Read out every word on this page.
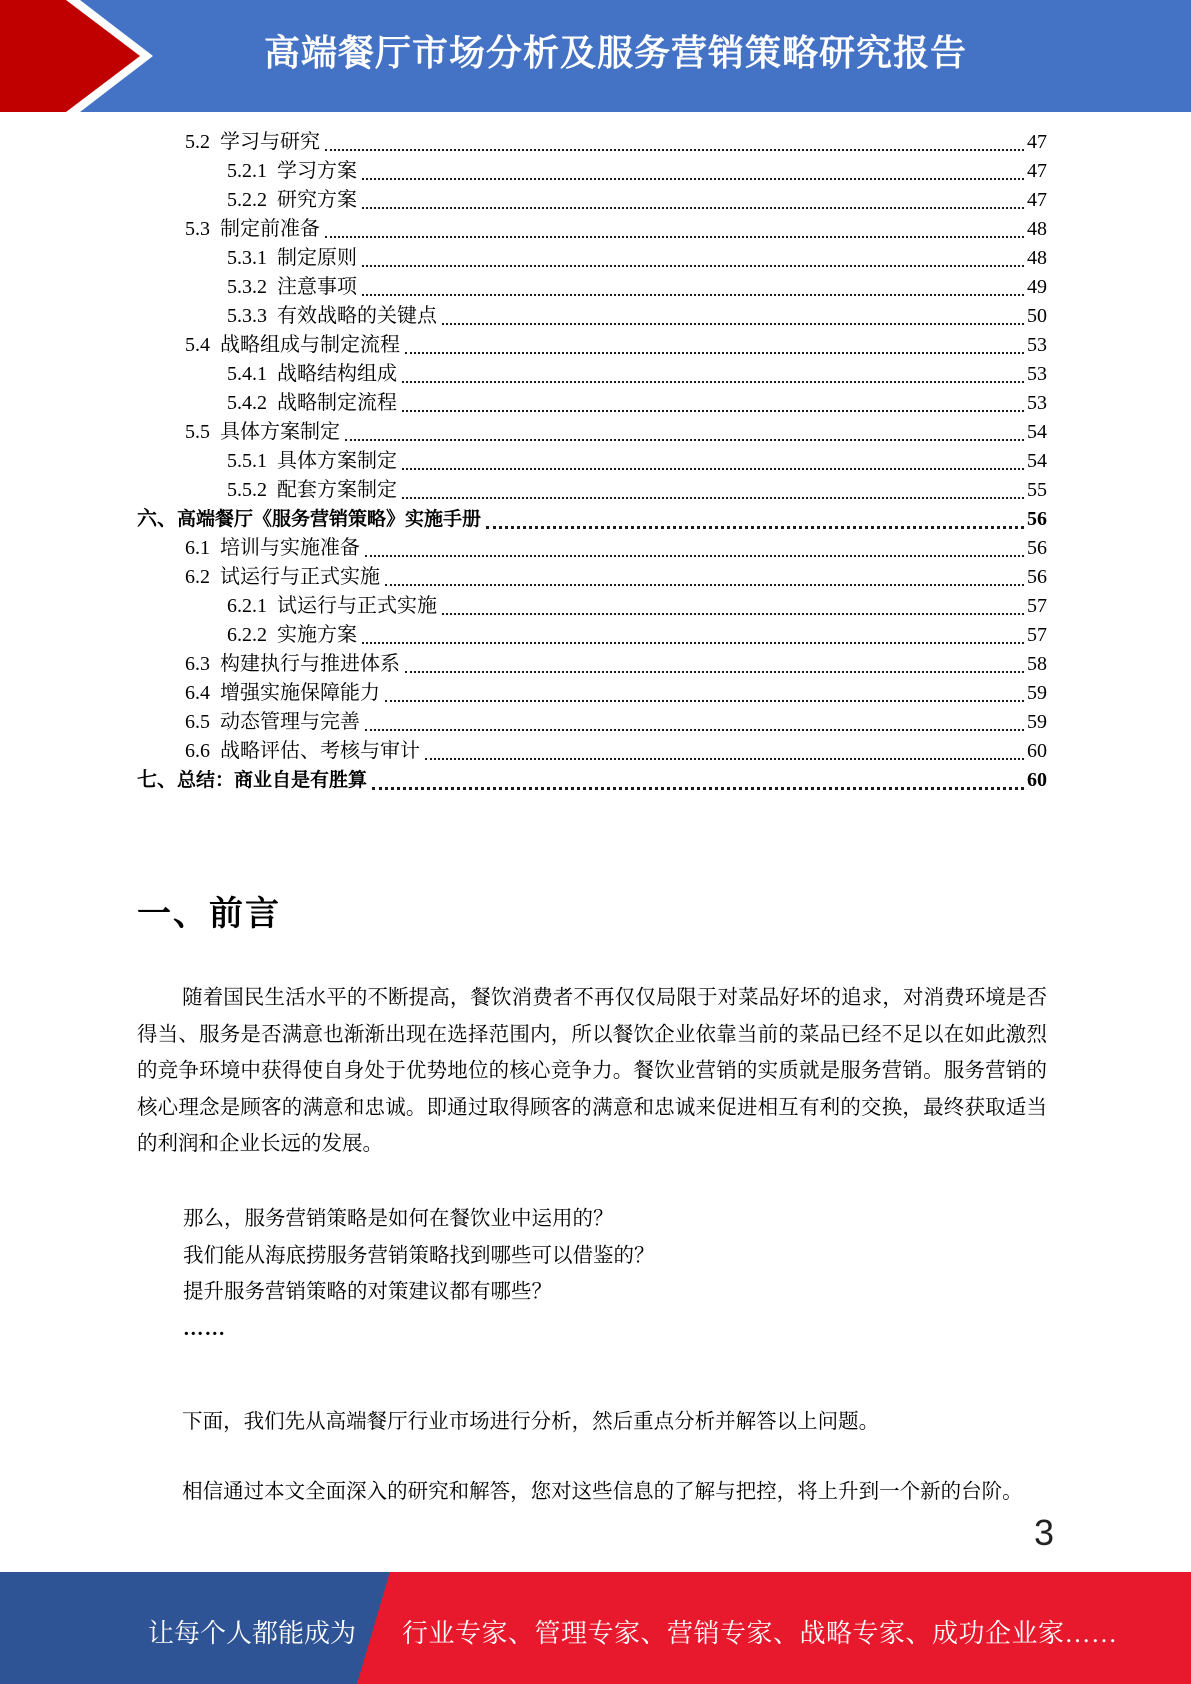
高端餐厅市场分析及服务营销策略研究报告
5.2 学习与研究	47
5.2.1 学习方案	47
5.2.2 研究方案	47
5.3 制定前准备	48
5.3.1 制定原则	48
5.3.2 注意事项	49
5.3.3 有效战略的关键点	50
5.4 战略组成与制定流程	53
5.4.1 战略结构组成	53
5.4.2 战略制定流程	53
5.5 具体方案制定	54
5.5.1 具体方案制定	54
5.5.2 配套方案制定	55
六、 高端餐厅《服务营销策略》实施手册	56
6.1 培训与实施准备	56
6.2 试运行与正式实施	56
6.2.1 试运行与正式实施	57
6.2.2 实施方案	57
6.3 构建执行与推进体系	58
6.4 增强实施保障能力	59
6.5 动态管理与完善	59
6.6 战略评估、考核与审计	60
七、 总结：商业自是有胜算	60
一、前言
随着国民生活水平的不断提高，餐饮消费者不再仅仅局限于对菜品好坏的追求，对消费环境是否得当、服务是否满意也渐渐出现在选择范围内，所以餐饮企业依靠当前的菜品已经不足以在如此激烈的竞争环境中获得使自身处于优势地位的核心竞争力。餐饮业营销的实质就是服务营销。服务营销的核心理念是顾客的满意和忠诚。即通过取得顾客的满意和忠诚来促进相互有利的交换，最终获取适当的利润和企业长远的发展。
那么，服务营销策略是如何在餐饮业中运用的？
我们能从海底捞服务营销策略找到哪些可以借鉴的？
提升服务营销策略的对策建议都有哪些？
……
下面，我们先从高端餐厅行业市场进行分析，然后重点分析并解答以上问题。
相信通过本文全面深入的研究和解答，您对这些信息的了解与把控，将上升到一个新的台阶。
3
让每个人都能成为 行业专家、管理专家、营销专家、战略专家、成功企业家……
